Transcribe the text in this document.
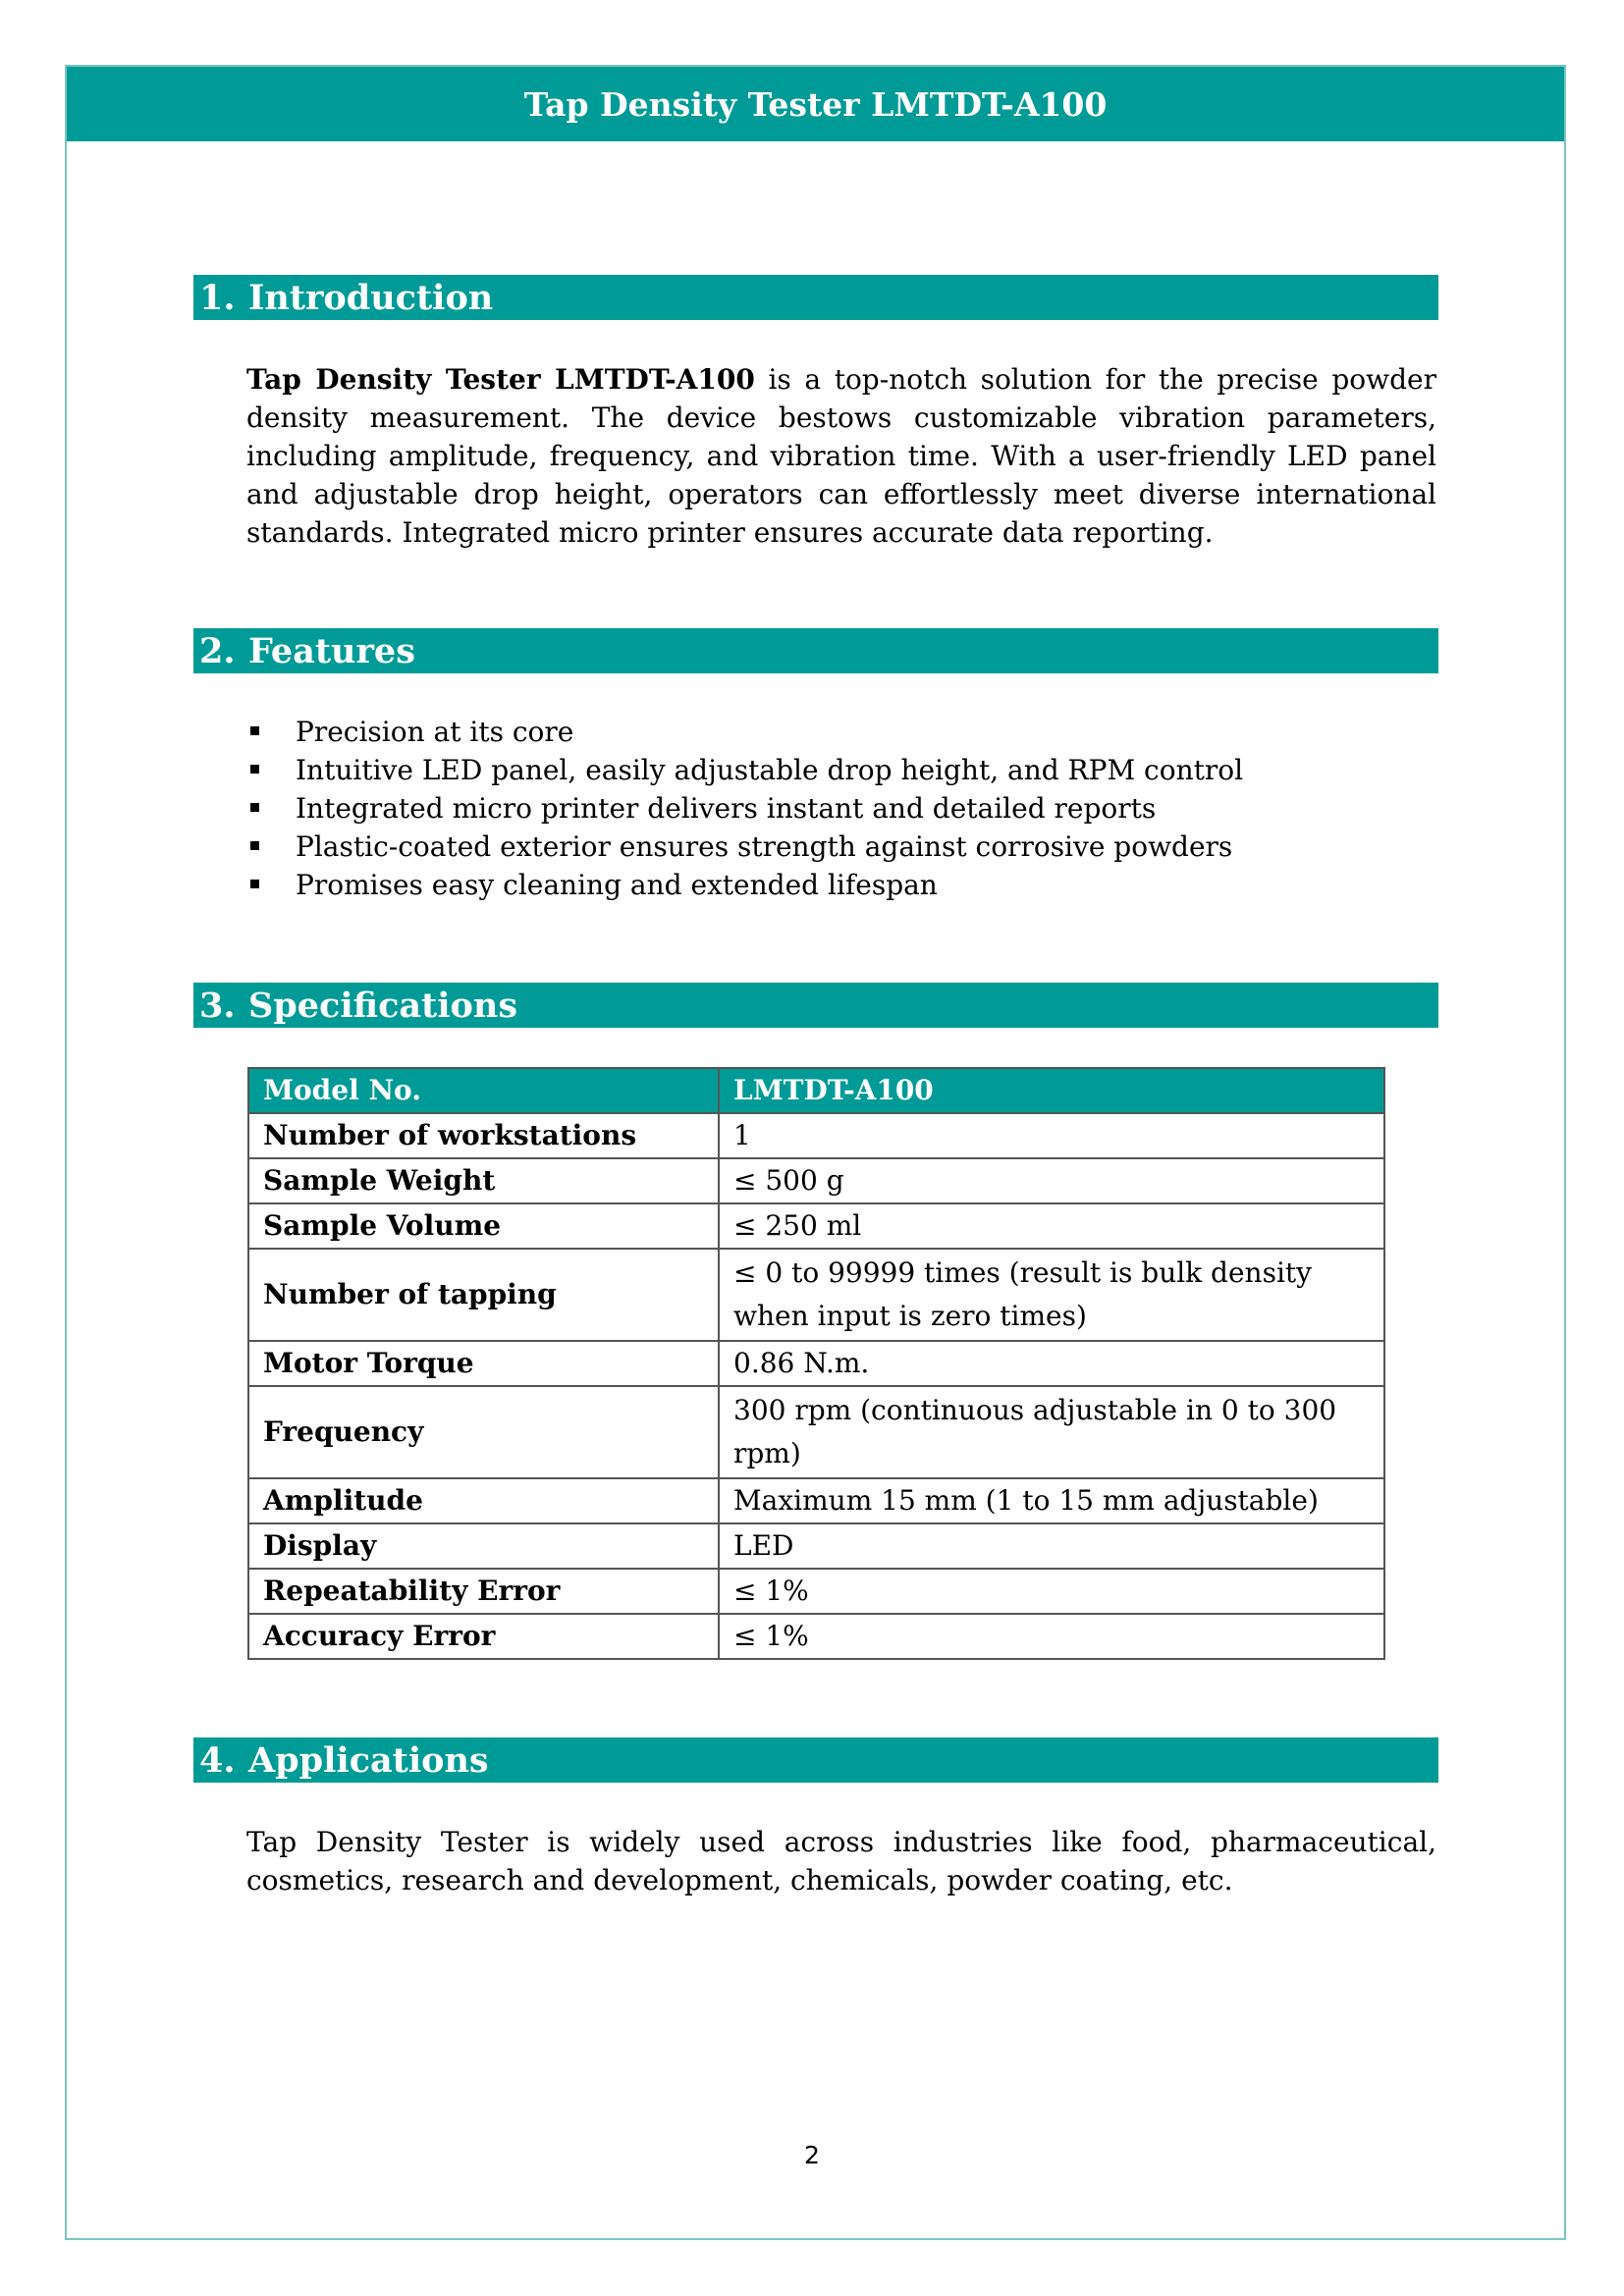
Tap Density Tester LMTDT-A100
1. Introduction
Tap Density Tester LMTDT-A100 is a top-notch solution for the precise powder density measurement. The device bestows customizable vibration parameters, including amplitude, frequency, and vibration time. With a user-friendly LED panel and adjustable drop height, operators can effortlessly meet diverse international standards. Integrated micro printer ensures accurate data reporting.
2. Features
Precision at its core
Intuitive LED panel, easily adjustable drop height, and RPM control
Integrated micro printer delivers instant and detailed reports
Plastic-coated exterior ensures strength against corrosive powders
Promises easy cleaning and extended lifespan
3. Specifications
Model No.	LMTDT-A100
Number of workstations	1
Sample Weight	≤ 500 g
Sample Volume	≤ 250 ml
Number of tapping	≤ 0 to 99999 times (result is bulk density when input is zero times)
Motor Torque	0.86 N.m.
Frequency	300 rpm (continuous adjustable in 0 to 300 rpm)
Amplitude	Maximum 15 mm (1 to 15 mm adjustable)
Display	LED
Repeatability Error	≤ 1%
Accuracy Error	≤ 1%
4. Applications
Tap Density Tester is widely used across industries like food, pharmaceutical, cosmetics, research and development, chemicals, powder coating, etc.
2
